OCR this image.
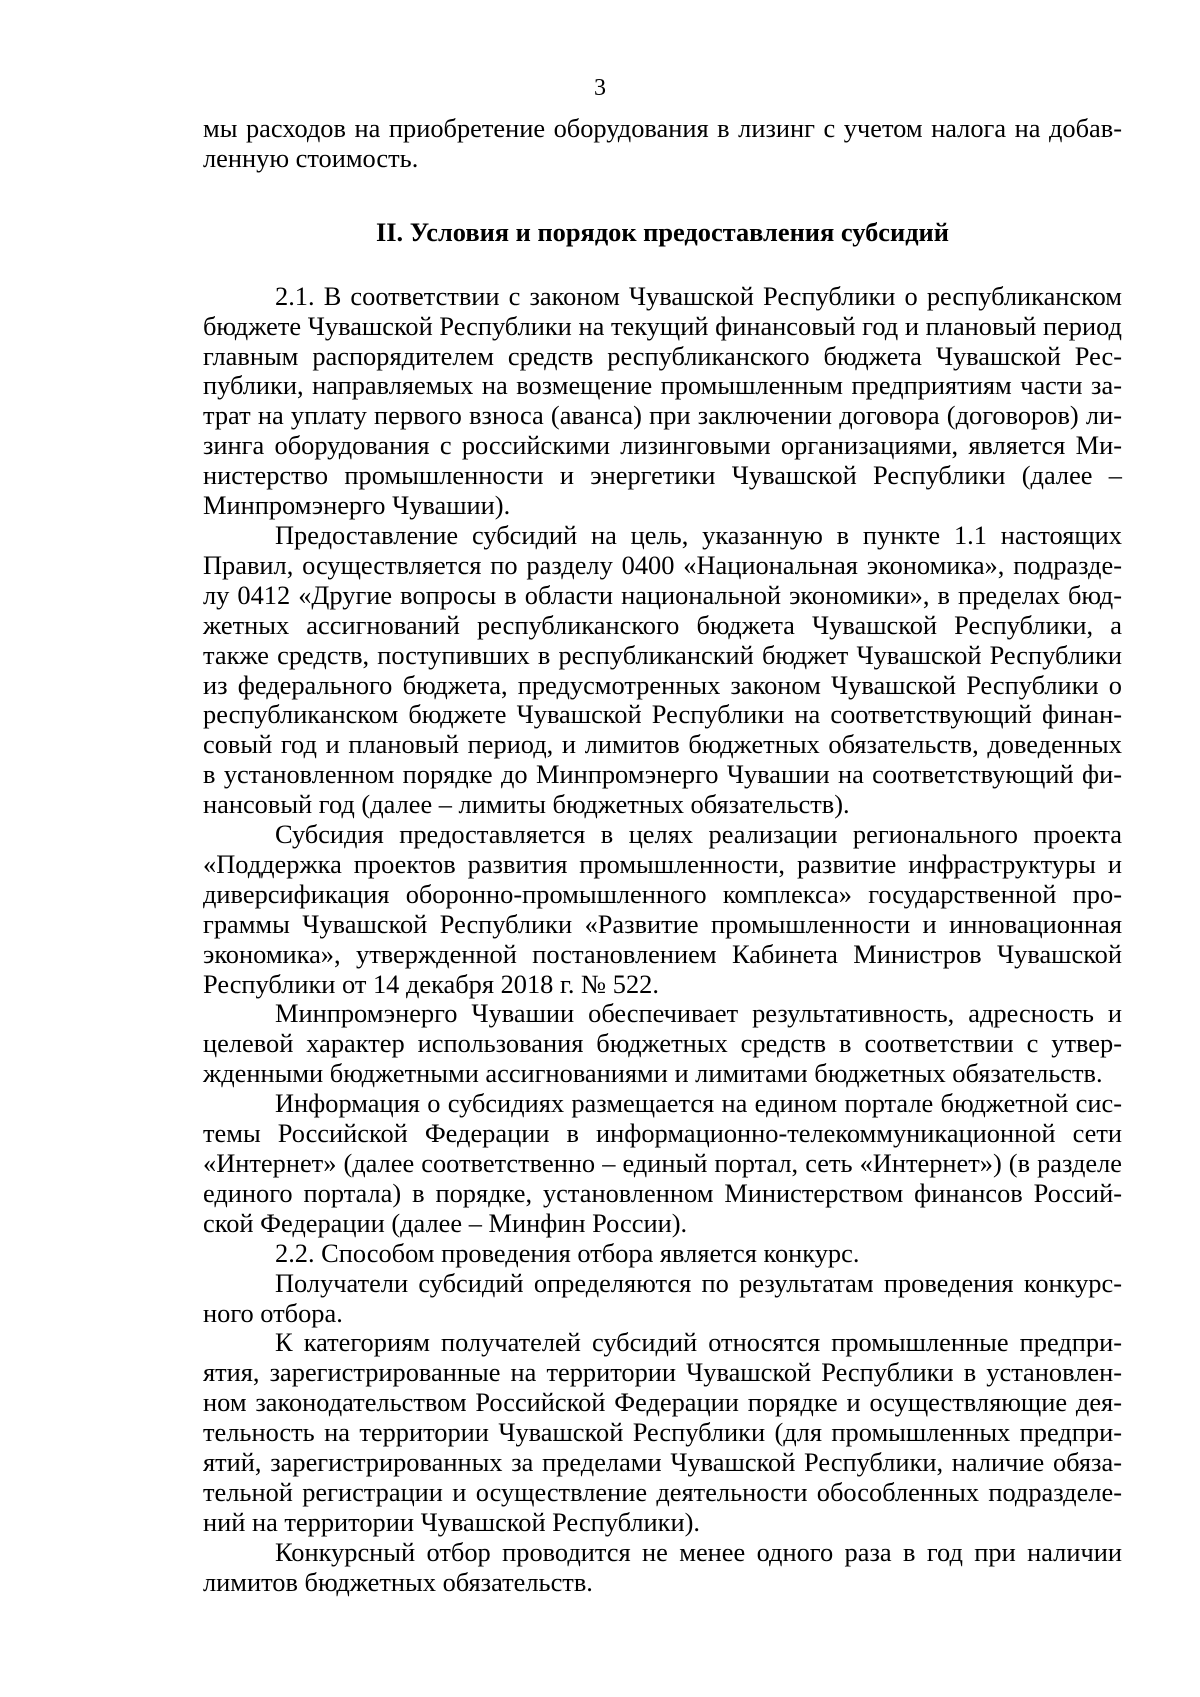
3

мы расходов на приобретение оборудования в лизинг с учетом налога на добавленную стоимость.

II. Условия и порядок предоставления субсидий

2.1. В соответствии с законом Чувашской Республики о республиканском бюджете Чувашской Республики на текущий финансовый год и плановый период главным распорядителем средств республиканского бюджета Чувашской Республики, направляемых на возмещение промышленным предприятиям части затрат на уплату первого взноса (аванса) при заключении договора (договоров) лизинга оборудования с российскими лизинговыми организациями, является Министерство промышленности и энергетики Чувашской Республики (далее – Минпромэнерго Чувашии).

Предоставление субсидий на цель, указанную в пункте 1.1 настоящих Правил, осуществляется по разделу 0400 «Национальная экономика», подразделу 0412 «Другие вопросы в области национальной экономики», в пределах бюджетных ассигнований республиканского бюджета Чувашской Республики, а также средств, поступивших в республиканский бюджет Чувашской Республики из федерального бюджета, предусмотренных законом Чувашской Республики о республиканском бюджете Чувашской Республики на соответствующий финансовый год и плановый период, и лимитов бюджетных обязательств, доведенных в установленном порядке до Минпромэнерго Чувашии на соответствующий финансовый год (далее – лимиты бюджетных обязательств).

Субсидия предоставляется в целях реализации регионального проекта «Поддержка проектов развития промышленности, развитие инфраструктуры и диверсификация оборонно-промышленного комплекса» государственной программы Чувашской Республики «Развитие промышленности и инновационная экономика», утвержденной постановлением Кабинета Министров Чувашской Республики от 14 декабря 2018 г. № 522.

Минпромэнерго Чувашии обеспечивает результативность, адресность и целевой характер использования бюджетных средств в соответствии с утвержденными бюджетными ассигнованиями и лимитами бюджетных обязательств.

Информация о субсидиях размещается на едином портале бюджетной системы Российской Федерации в информационно-телекоммуникационной сети «Интернет» (далее соответственно – единый портал, сеть «Интернет») (в разделе единого портала) в порядке, установленном Министерством финансов Российской Федерации (далее – Минфин России).

2.2. Способом проведения отбора является конкурс.

Получатели субсидий определяются по результатам проведения конкурсного отбора.

К категориям получателей субсидий относятся промышленные предприятия, зарегистрированные на территории Чувашской Республики в установленном законодательством Российской Федерации порядке и осуществляющие деятельность на территории Чувашской Республики (для промышленных предприятий, зарегистрированных за пределами Чувашской Республики, наличие обязательной регистрации и осуществление деятельности обособленных подразделений на территории Чувашской Республики).

Конкурсный отбор проводится не менее одного раза в год при наличии лимитов бюджетных обязательств.
